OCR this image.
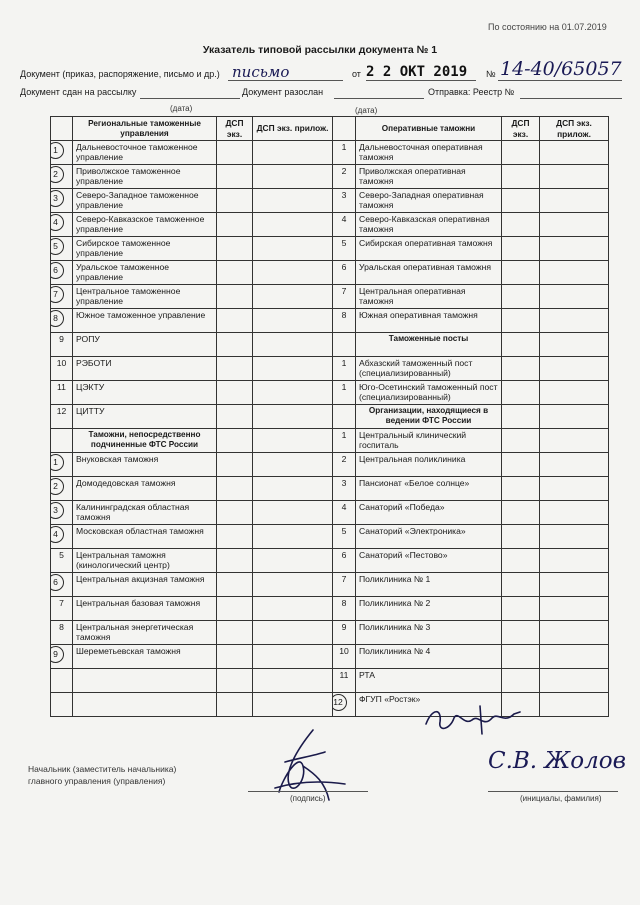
По состоянию на 01.07.2019
Указатель типовой рассылки документа № 1
Документ (приказ, распоряжение, письмо и др.) письмо	от 2 2 ОКТ 2019 № 14-40/65057
Документ сдан на рассылку	Документ разослан	Отправка: Реестр №
(дата)	(дата)
	Региональные таможенные управления	ДСП экз.	ДСП экз. прилож.		Оперативные таможни	ДСП экз.	ДСП экз. прилож.
1	Дальневосточное таможенное управление			1	Дальневосточная оперативная таможня		
2	Приволжское таможенное управление			2	Приволжская оперативная таможня		
3	Северо-Западное таможенное управление			3	Северо-Западная оперативная таможня		
4	Северо-Кавказское таможенное управление			4	Северо-Кавказская оперативная таможня		
5	Сибирское таможенное управление			5	Сибирская оперативная таможня		
6	Уральское таможенное управление			6	Уральская оперативная таможня		
7	Центральное таможенное управление			7	Центральная оперативная таможня		
8	Южное таможенное управление			8	Южная оперативная таможня		
9	РОПУ				Таможенные посты		
10	РЭБОТИ			1	Абхазский таможенный пост (специализированный)		
11	ЦЭКТУ			1	Юго-Осетинский таможенный пост (специализированный)		
12	ЦИТТУ				Организации, находящиеся в ведении ФТС России		
	Таможни, непосредственно подчиненные ФТС России			1	Центральный клинический госпиталь		
1	Внуковская таможня			2	Центральная поликлиника		
2	Домодедовская таможня			3	Пансионат «Белое солнце»		
3	Калининградская областная таможня			4	Санаторий «Победа»		
4	Московская областная таможня			5	Санаторий «Электроника»		
5	Центральная таможня (кинологический центр)			6	Санаторий «Пестово»		
6	Центральная акцизная таможня			7	Поликлиника № 1		
7	Центральная базовая таможня			8	Поликлиника № 2		
8	Центральная энергетическая таможня			9	Поликлиника № 3		
9	Шереметьевская таможня			10	Поликлиника № 4		
				11	РТА		
				12	ФГУП «Ростэк»		
Начальник (заместитель начальника)
главного управления (управления)
(подпись)
С.В. Жолов
(инициалы, фамилия)
